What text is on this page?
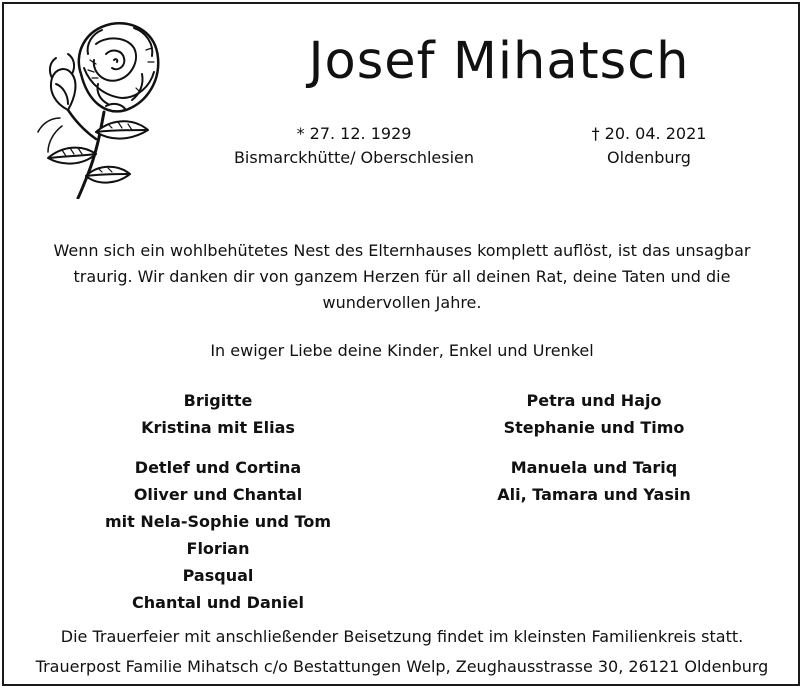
Josef Mihatsch
* 27. 12. 1929
Bismarckhütte/ Oberschlesien
† 20. 04. 2021
Oldenburg
Wenn sich ein wohlbehütetes Nest des Elternhauses komplett auflöst, ist das unsagbar traurig. Wir danken dir von ganzem Herzen für all deinen Rat, deine Taten und die wundervollen Jahre.
In ewiger Liebe deine Kinder, Enkel und Urenkel
Brigitte
Kristina mit Elias
Detlef und Cortina
Oliver und Chantal
mit Nela-Sophie und Tom
Florian
Pasqual
Chantal und Daniel
Petra und Hajo
Stephanie und Timo
Manuela und Tariq
Ali, Tamara und Yasin
Die Trauerfeier mit anschließender Beisetzung findet im kleinsten Familienkreis statt.
Trauerpost Familie Mihatsch c/o Bestattungen Welp, Zeughausstrasse 30, 26121 Oldenburg
